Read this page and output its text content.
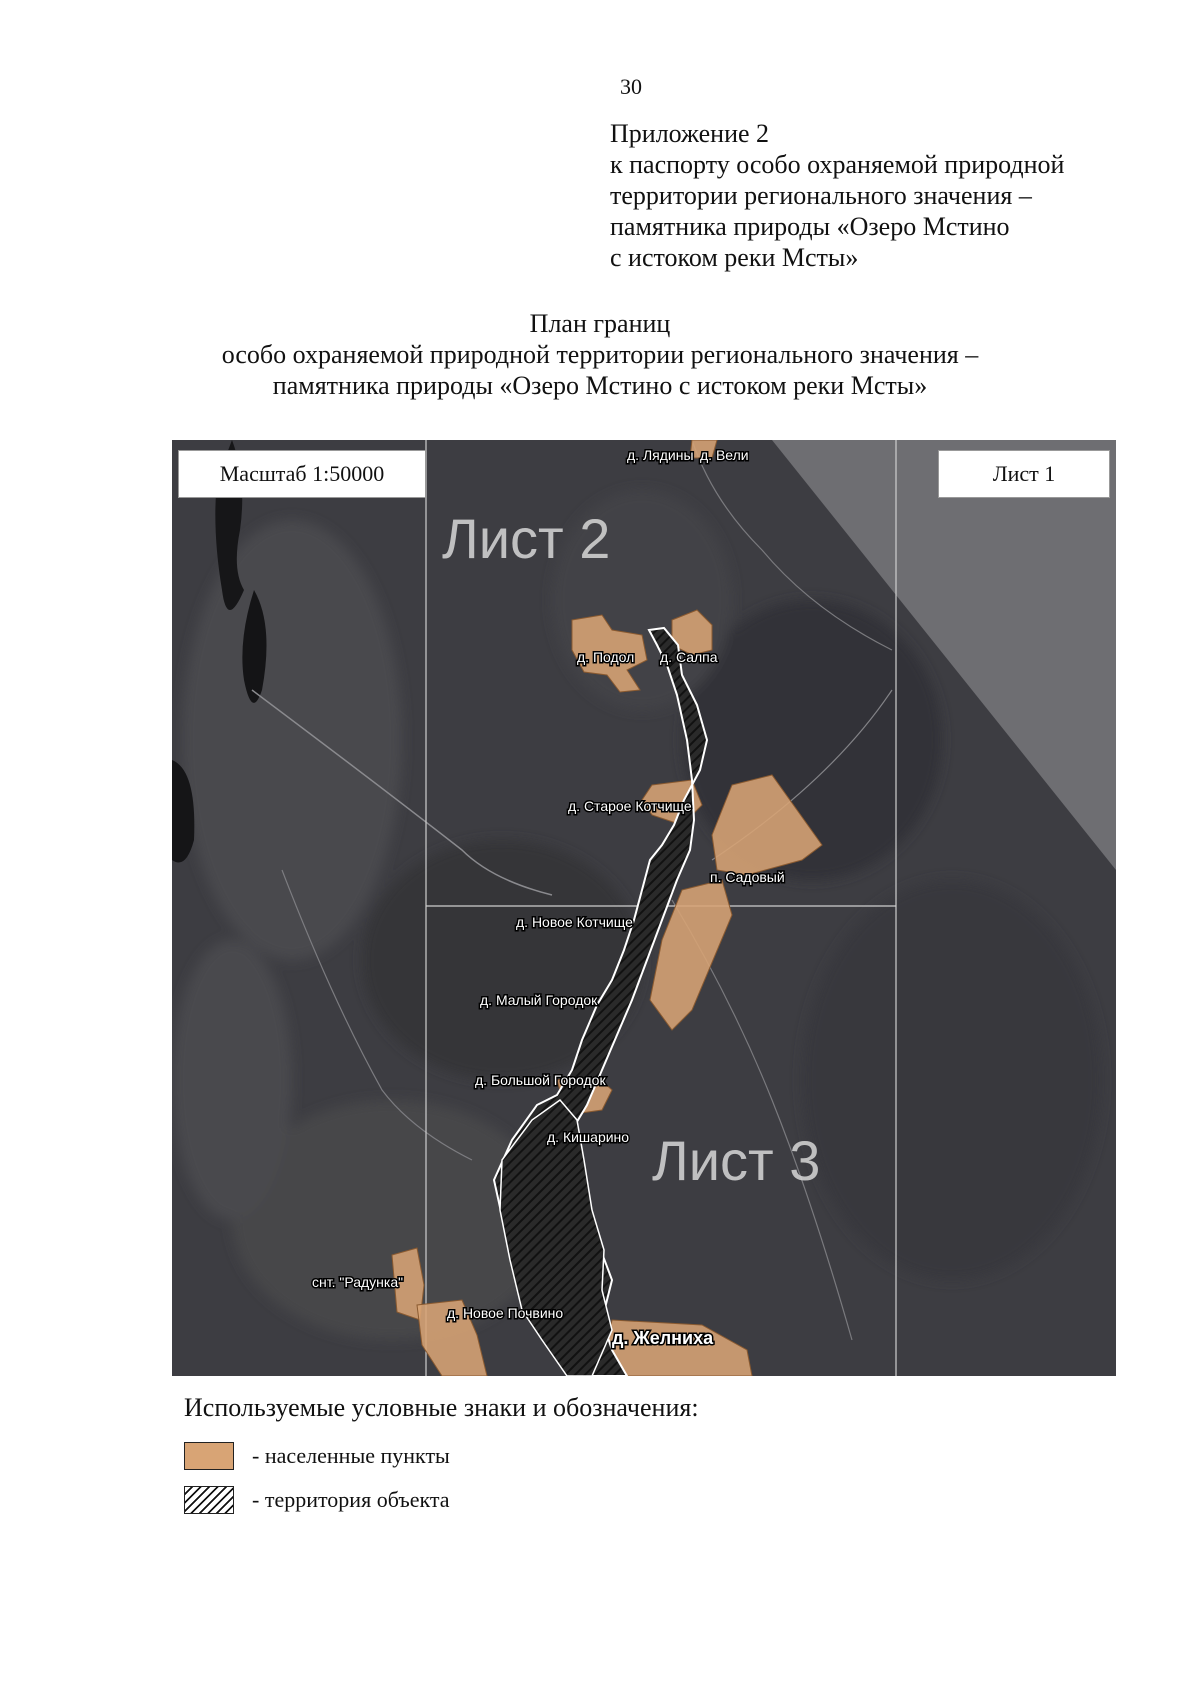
30
Приложение 2
к паспорту особо охраняемой природной
территории регионального значения –
памятника природы «Озеро Мстино
с истоком реки Мсты»
План границ
особо охраняемой природной территории регионального значения –
памятника природы «Озеро Мстино с истоком реки Мсты»
Лист 2
Лист 3
д. Лядины д. Вели
д. Подол д. Салпа
д. Старое Котчище
п. Садовый
д. Новое Котчище
д. Малый Городок
д. Большой Городок
д. Кишарино
снт. "Радунка"
д. Новое Почвино
д. Желниха
Масштаб 1:50000	Лист 1
Используемые условные знаки и обозначения:
- населенные пункты
- территория объекта
